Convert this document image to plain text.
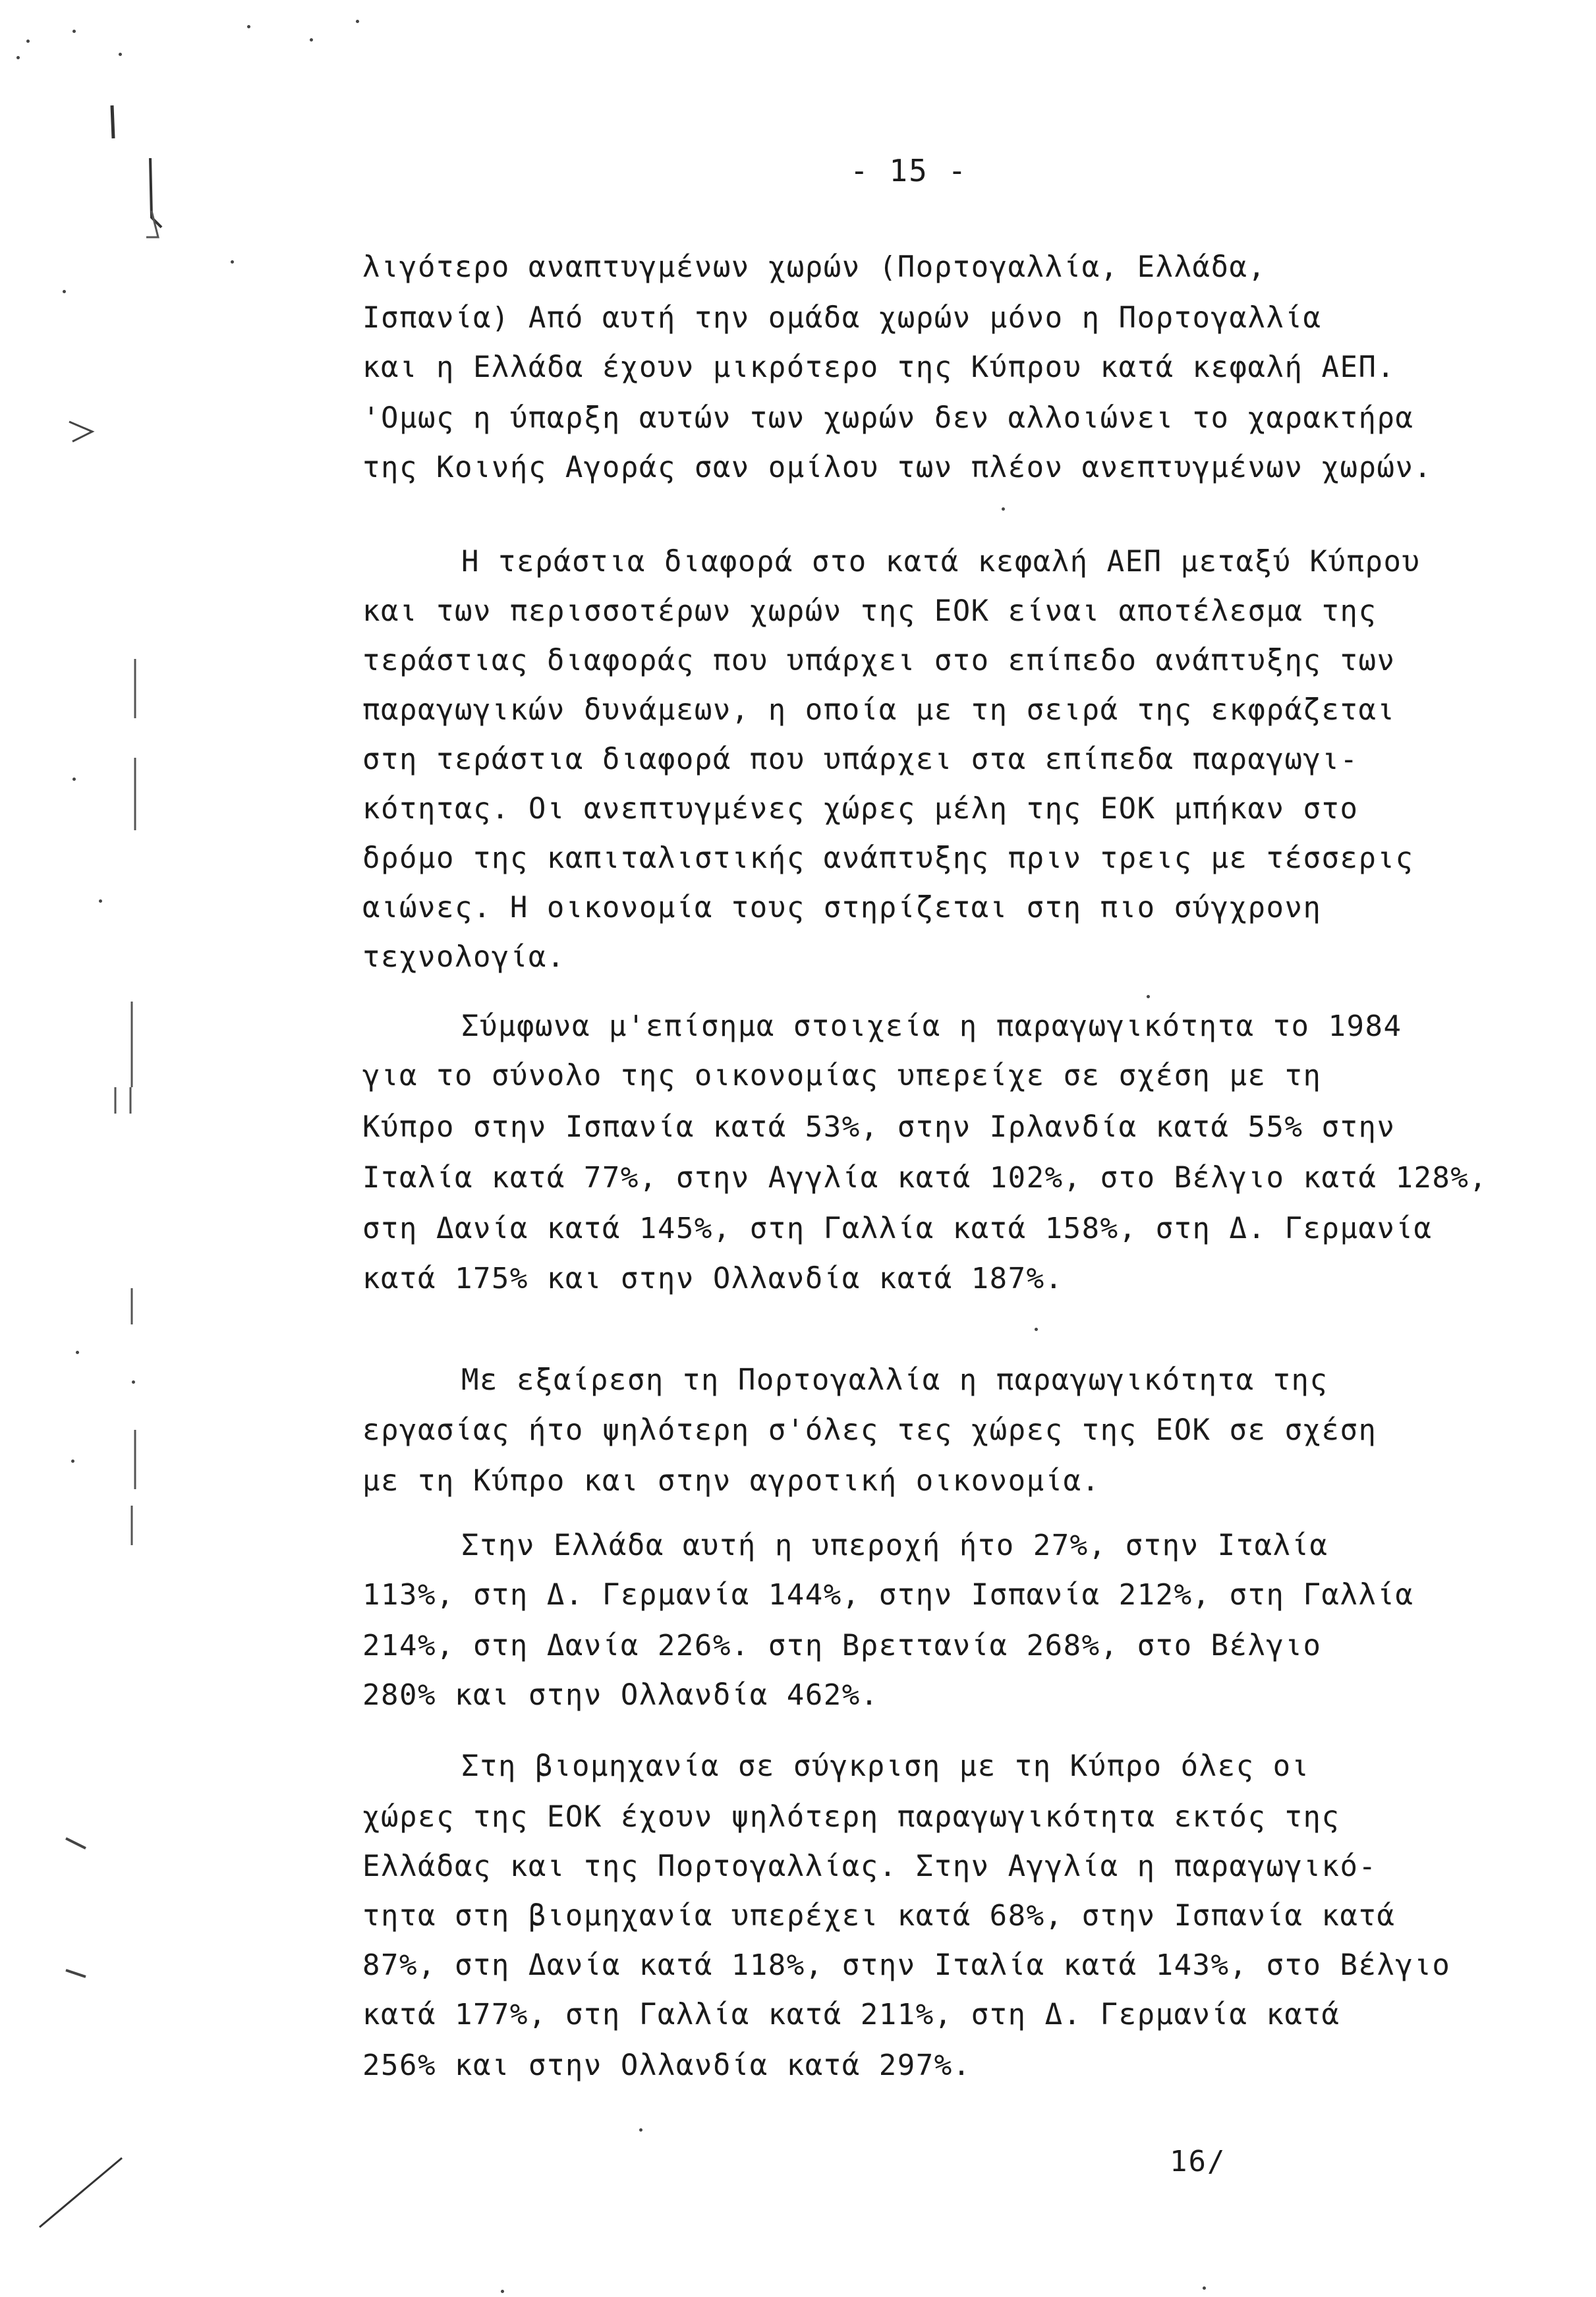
- 15 -
λιγότερο αναπτυγμένων χωρών (Πορτογαλλία, Ελλάδα,
Ισπανία) Από αυτή την ομάδα χωρών μόνο η Πορτογαλλία
και η Ελλάδα έχουν μικρότερο της Κύπρου κατά κεφαλή ΑΕΠ.
'Ομως η ύπαρξη αυτών των χωρών δεν αλλοιώνει το χαρακτήρα
της Κοινής Αγοράς σαν ομίλου των πλέον ανεπτυγμένων χωρών.
Η τεράστια διαφορά στο κατά κεφαλή ΑΕΠ μεταξύ Κύπρου
και των περισσοτέρων χωρών της ΕΟΚ είναι αποτέλεσμα της
τεράστιας διαφοράς που υπάρχει στο επίπεδο ανάπτυξης των
παραγωγικών δυνάμεων, η οποία με τη σειρά της εκφράζεται
στη τεράστια διαφορά που υπάρχει στα επίπεδα παραγωγι-
κότητας. Οι ανεπτυγμένες χώρες μέλη της ΕΟΚ μπήκαν στο
δρόμο της καπιταλιστικής ανάπτυξης πριν τρεις με τέσσερις
αιώνες. Η οικονομία τους στηρίζεται στη πιο σύγχρονη
τεχνολογία.
Σύμφωνα μ'επίσημα στοιχεία η παραγωγικότητα το 1984
για το σύνολο της οικονομίας υπερείχε σε σχέση με τη
Κύπρο στην Ισπανία κατά 53%, στην Ιρλανδία κατά 55% στην
Ιταλία κατά 77%, στην Αγγλία κατά 102%, στο Βέλγιο κατά 128%,
στη Δανία κατά 145%, στη Γαλλία κατά 158%, στη Δ. Γερμανία
κατά 175% και στην Ολλανδία κατά 187%.
Με εξαίρεση τη Πορτογαλλία η παραγωγικότητα της
εργασίας ήτο ψηλότερη σ'όλες τες χώρες της ΕΟΚ σε σχέση
με τη Κύπρο και στην αγροτική οικονομία.
Στην Ελλάδα αυτή η υπεροχή ήτο 27%, στην Ιταλία
113%, στη Δ. Γερμανία 144%, στην Ισπανία 212%, στη Γαλλία
214%, στη Δανία 226%. στη Βρεττανία 268%, στο Βέλγιο
280% και στην Ολλανδία 462%.
Στη βιομηχανία σε σύγκριση με τη Κύπρο όλες οι
χώρες της ΕΟΚ έχουν ψηλότερη παραγωγικότητα εκτός της
Ελλάδας και της Πορτογαλλίας. Στην Αγγλία η παραγωγικό-
τητα στη βιομηχανία υπερέχει κατά 68%, στην Ισπανία κατά
87%, στη Δανία κατά 118%, στην Ιταλία κατά 143%, στο Βέλγιο
κατά 177%, στη Γαλλία κατά 211%, στη Δ. Γερμανία κατά
256% και στην Ολλανδία κατά 297%.
16/
